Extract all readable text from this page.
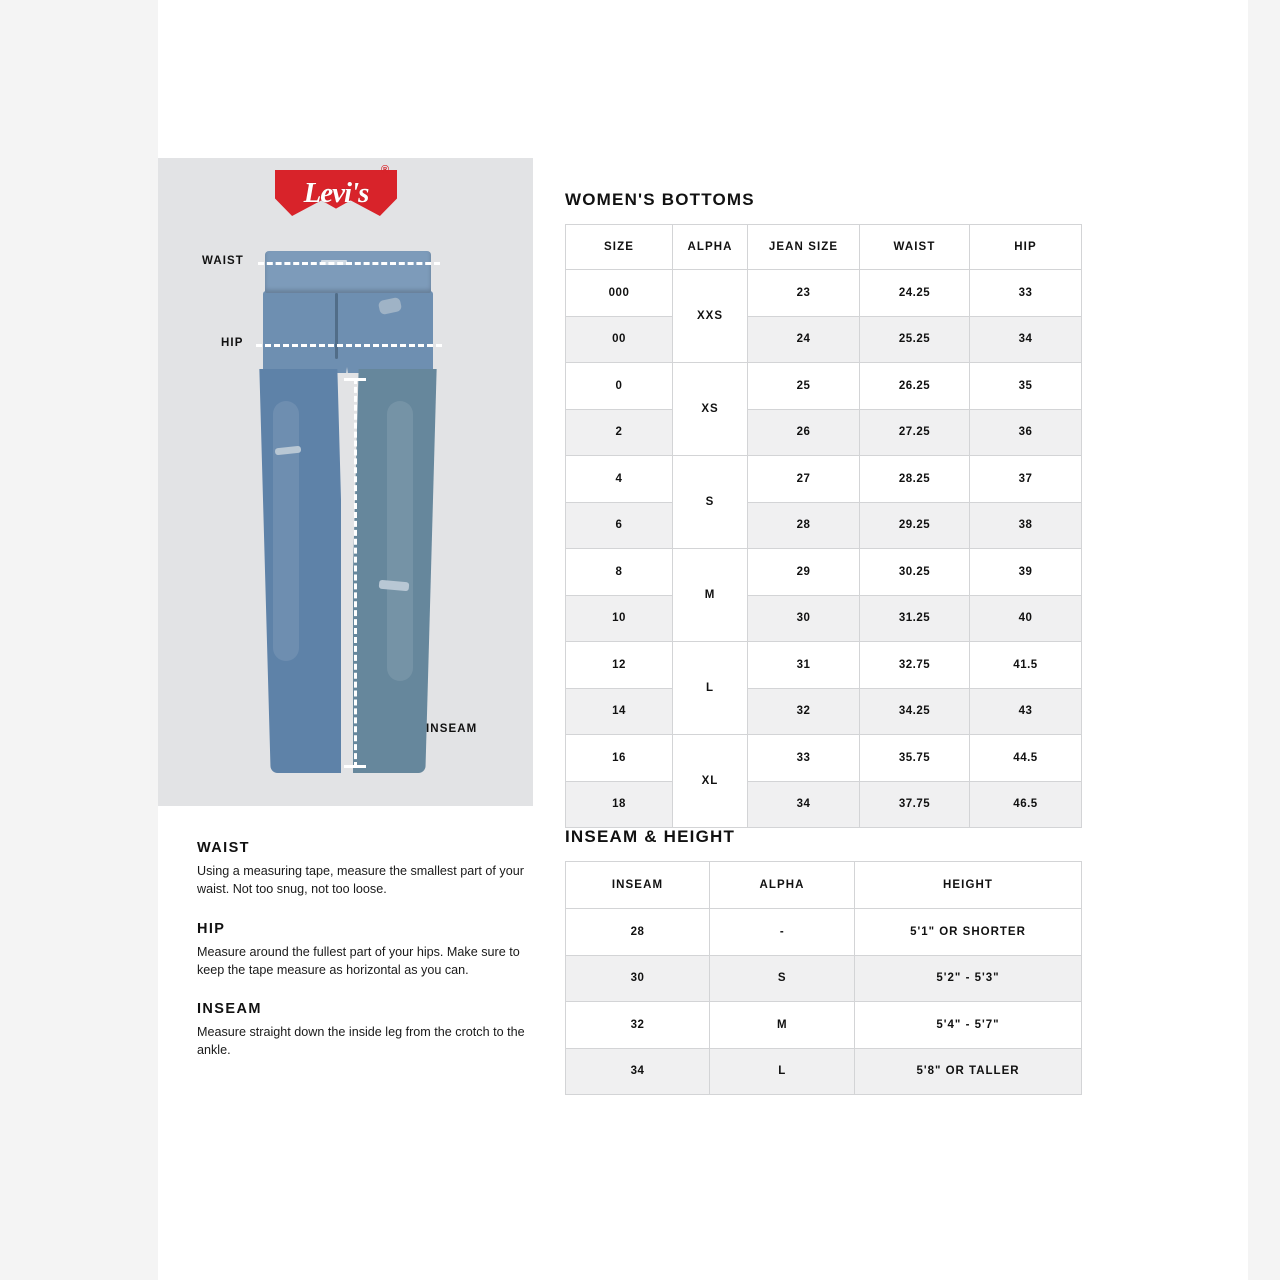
Levi's
®
WAIST
HIP
INSEAM
WAIST

Using a measuring tape, measure the smallest part of your waist. Not too snug, not too loose.

HIP

Measure around the fullest part of your hips. Make sure to keep the tape measure as horizontal as you can.

INSEAM

Measure straight down the inside leg from the crotch to the ankle.

WOMEN'S BOTTOMS
SIZE	ALPHA	JEAN SIZE	WAIST	HIP
000	XXS	23	24.25	33
00		24	25.25	34
0	XS	25	26.25	35
2		26	27.25	36
4	S	27	28.25	37
6		28	29.25	38
8	M	29	30.25	39
10		30	31.25	40
12	L	31	32.75	41.5
14		32	34.25	43
16	XL	33	35.75	44.5
18		34	37.75	46.5
INSEAM & HEIGHT
INSEAM	ALPHA	HEIGHT
28	-	5'1" OR SHORTER
30	S	5'2" - 5'3"
32	M	5'4" - 5'7"
34	L	5'8" OR TALLER
